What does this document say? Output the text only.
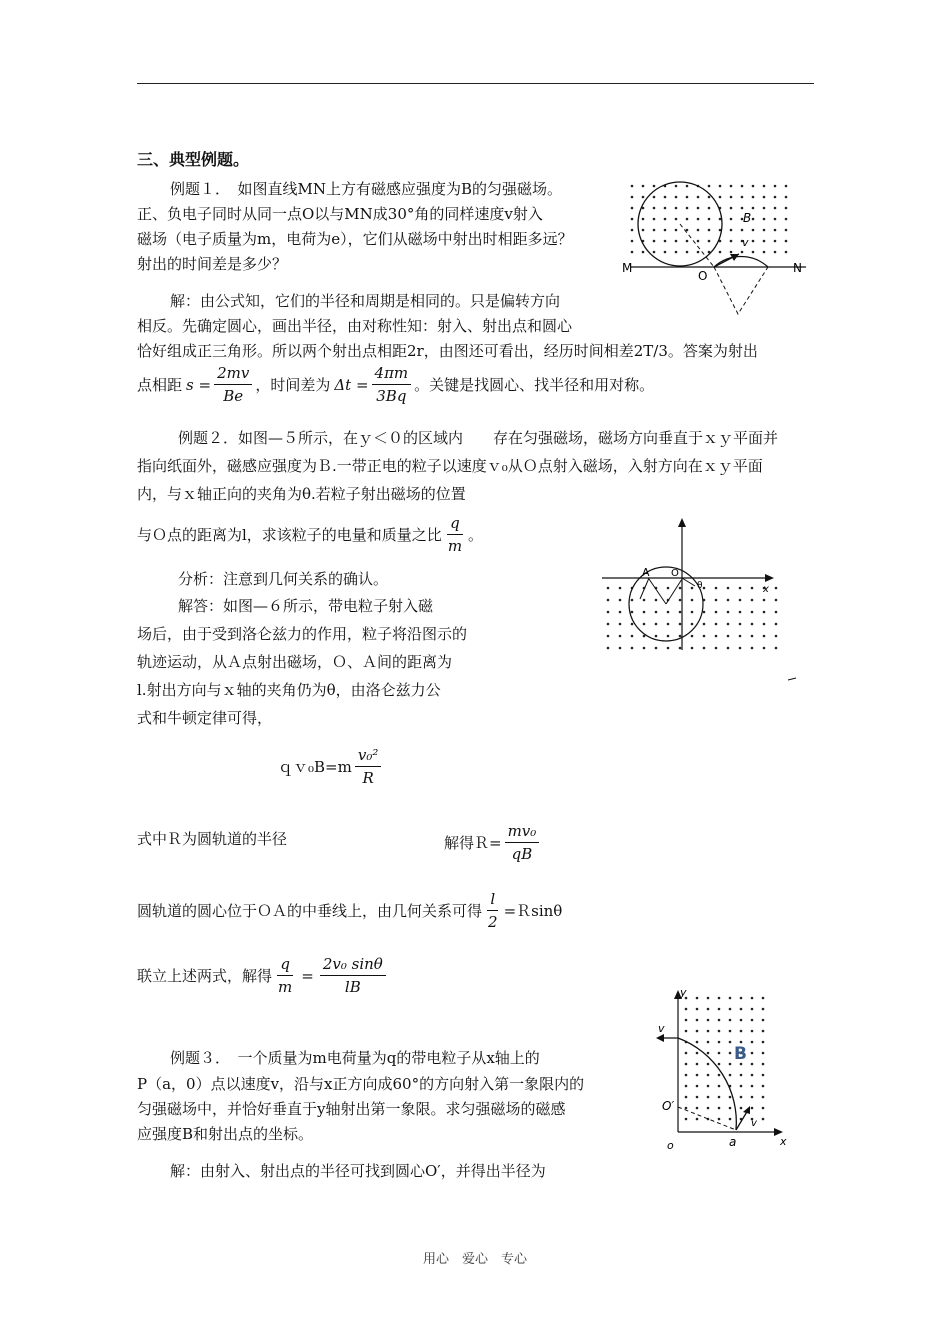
三、典型例题。
例题１．　如图直线MN上方有磁感应强度为B的匀强磁场。
正、负电子同时从同一点O以与MN成30°角的同样速度v射入
磁场（电子质量为m，电荷为e），它们从磁场中射出时相距多远？
射出的时间差是多少？
解：由公式知，它们的半径和周期是相同的。只是偏转方向
相反。先确定圆心，画出半径，由对称性知：射入、射出点和圆心
恰好组成正三角形。所以两个射出点相距2r，由图还可看出，经历时间相差2T/3。答案为射出
点相距 $s = \frac{2mv}{Be}$ ，时间差为 $\Delta t = \frac{4\pi m}{3Bq}$ 。关键是找圆心、找半径和用对称。
M	N
O
B
v
例题２．如图—５所示，在ｙ＜０的区域内　　存在匀强磁场，磁场方向垂直于ｘｙ平面并
指向纸面外，磁感应强度为Ｂ.一带正电的粒子以速度ｖ₀从Ｏ点射入磁场，入射方向在ｘｙ平面
内，与ｘ轴正向的夹角为θ.若粒子射出磁场的位置
与Ｏ点的距离为l，求该粒子的电量和质量之比 $\frac{q}{m}$ 。
分析：注意到几何关系的确认。
解答：如图—６所示，带电粒子射入磁
场后，由于受到洛仑兹力的作用，粒子将沿图示的
轨迹运动，从Ａ点射出磁场，Ｏ、Ａ间的距离为
l.射出方向与ｘ轴的夹角仍为θ，由洛仑兹力公
式和牛顿定律可得，
ｑｖ₀B=m $\frac{\text{v₀²}}{R}$
式中Ｒ为圆轨道的半径	解得Ｒ= $\frac{\text{mv₀}}{qB}$
圆轨道的圆心位于ＯＡ的中垂线上，由几何关系可得 $\frac{l}{2}$ =Ｒsinθ
联立上述两式，解得 $\frac{q}{m} = \frac{\text{2v₀ sinθ}}{lB}$
A O
x
θ
例题３．　一个质量为m电荷量为q的带电粒子从x轴上的
P（a，0）点以速度v，沿与x正方向成60°的方向射入第一象限内的
匀强磁场中，并恰好垂直于y轴射出第一象限。求匀强磁场的磁感
应强度B和射出点的坐标。
解：由射入、射出点的半径可找到圆心O′，并得出半径为
y
v
B
O′
o	a
v
x
用心　爱心　专心
